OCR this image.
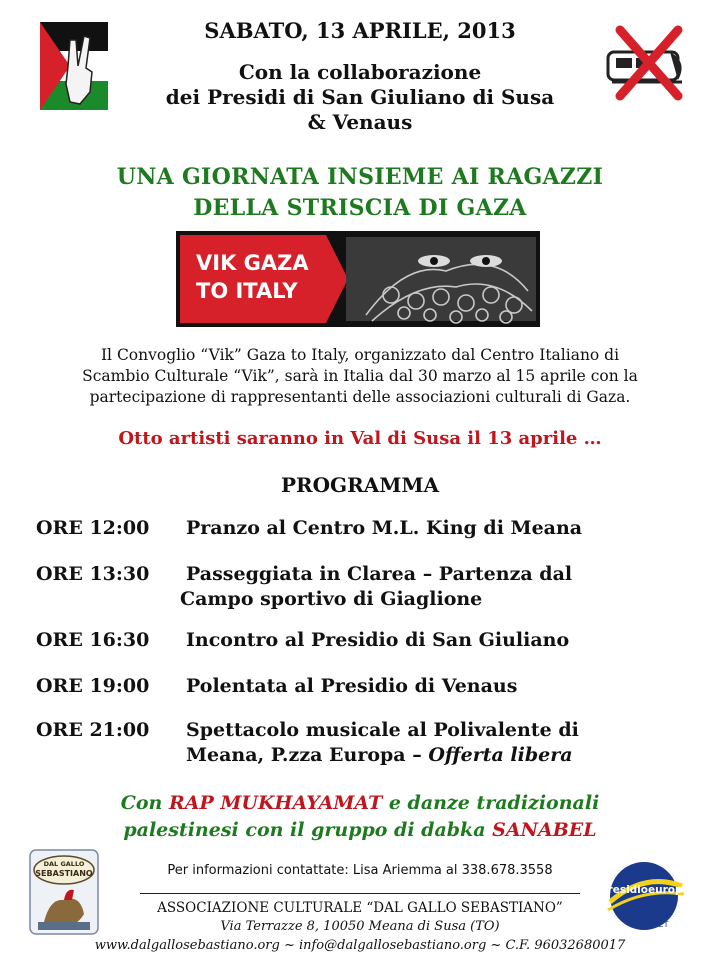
SABATO, 13 APRILE, 2013
Con la collaborazione
dei Presidi di San Giuliano di Susa
& Venaus
UNA GIORNATA INSIEME AI RAGAZZI
DELLA STRISCIA DI GAZA
VIK GAZA
TO ITALY
Il Convoglio “Vik” Gaza to Italy, organizzato dal Centro Italiano di
Scambio Culturale “Vik”, sarà in Italia dal 30 marzo al 15 aprile con la
partecipazione di rappresentanti delle associazioni culturali di Gaza.
Otto artisti saranno in Val di Susa il 13 aprile …
PROGRAMMA
ORE 12:00	Pranzo al Centro M.L. King di Meana
ORE 13:30	Passeggiata in Clarea – Partenza dal
Campo sportivo di Giaglione
ORE 16:30	Incontro al Presidio di San Giuliano
ORE 19:00	Polentata al Presidio di Venaus
ORE 21:00	Spettacolo musicale al Polivalente di
Meana, P.zza Europa – Offerta libera
Con RAP MUKHAYAMAT e danze tradizionali
palestinesi con il gruppo di dabka SANABEL
DAL GALLO
SEBASTIANO
presidioeuropa
.NET
Per informazioni contattate: Lisa Ariemma al 338.678.3558
ASSOCIAZIONE CULTURALE “DAL GALLO SEBASTIANO”
Via Terrazze 8, 10050 Meana di Susa (TO)
www.dalgallosebastiano.org ~ info@dalgallosebastiano.org ~ C.F. 96032680017
